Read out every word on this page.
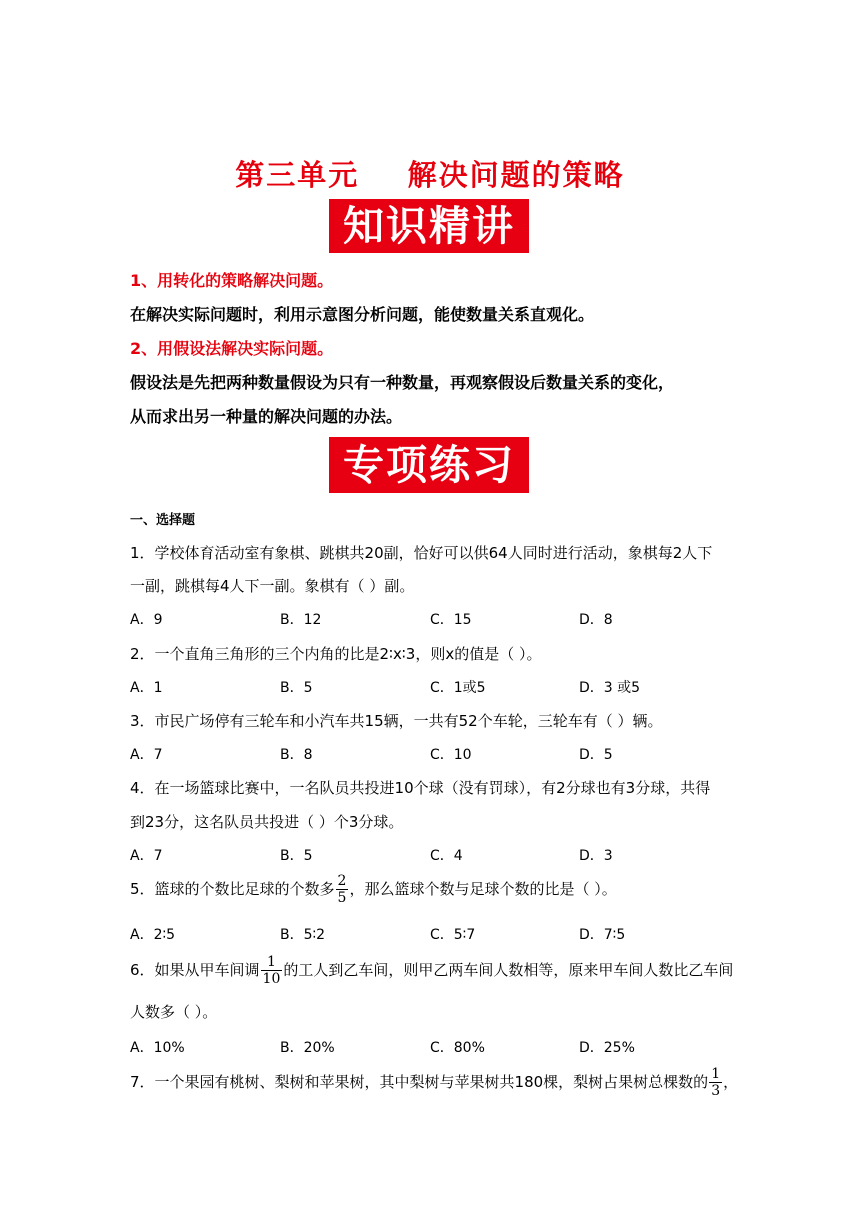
第三单元    解决问题的策略
知识精讲
1、用转化的策略解决问题。
在解决实际问题时，利用示意图分析问题，能使数量关系直观化。
2、用假设法解决实际问题。
假设法是先把两种数量假设为只有一种数量，再观察假设后数量关系的变化，
从而求出另一种量的解决问题的办法。
专项练习
一、选择题
1．学校体育活动室有象棋、跳棋共20副，恰好可以供64人同时进行活动，象棋每2人下
一副，跳棋每4人下一副。象棋有（ ）副。
A．9	B．12	C．15	D．8
2．一个直角三角形的三个内角的比是2∶x∶3，则x的值是（ ）。
A．1	B．5	C．1或5	D．3 或5
3．市民广场停有三轮车和小汽车共15辆，一共有52个车轮，三轮车有（ ）辆。
A．7	B．8	C．10	D．5
4．在一场篮球比赛中，一名队员共投进10个球（没有罚球），有2分球也有3分球，共得
到23分，这名队员共投进（ ）个3分球。
A．7	B．5	C．4	D．3
5．篮球的个数比足球的个数多 $\frac{2}{5}$ ，那么篮球个数与足球个数的比是（ ）。
A．2∶5	B．5∶2	C．5∶7	D．7∶5
6．如果从甲车间调 $\frac{1}{10}$ 的工人到乙车间，则甲乙两车间人数相等，原来甲车间人数比乙车间
人数多（ ）。
A．10%	B．20%	C．80%	D．25%
7．一个果园有桃树、梨树和苹果树，其中梨树与苹果树共180棵，梨树占果树总棵数的 $\frac{1}{3}$ ，
